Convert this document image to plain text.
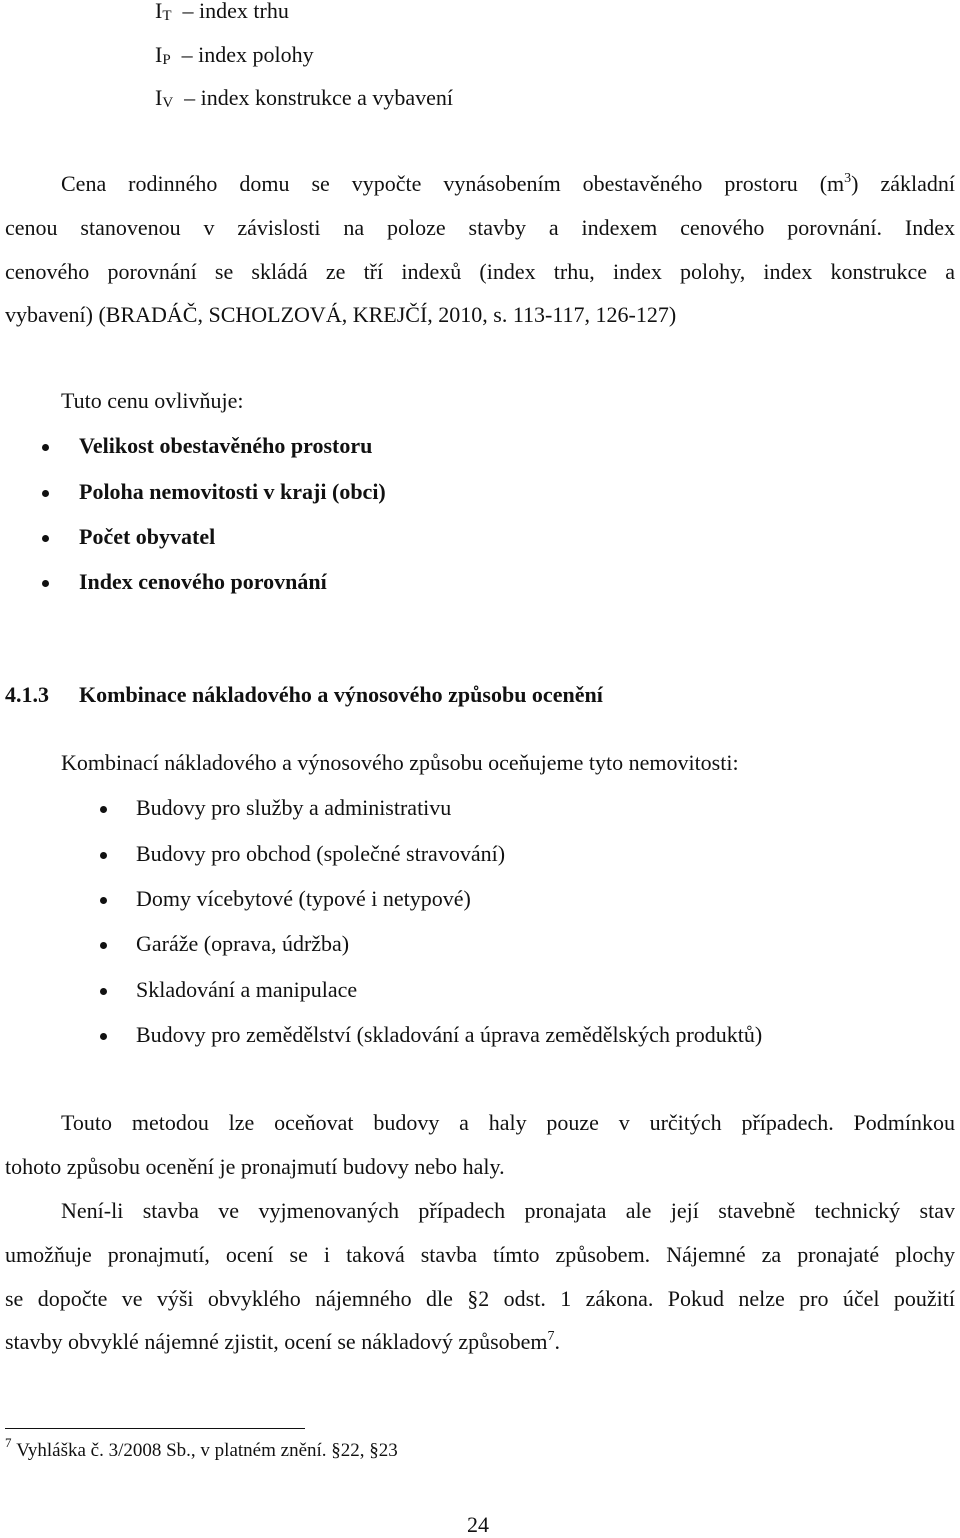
$I_T$ – index trhu
$I_P$ – index polohy
$I_V$ – index konstrukce a vybavení
Cena rodinného domu se vypočte vynásobením obestavěného prostoru $(m^3)$ základní
cenou stanovenou v závislosti na poloze stavby a indexem cenového porovnání. Index
cenového porovnání se skládá ze tří indexů (index trhu, index polohy, index konstrukce a
vybavení) (BRADÁČ, SCHOLZOVÁ, KREJČÍ, 2010, s. 113-117, 126-127)
Tuto cenu ovlivňuje:
Velikost obestavěného prostoru
Poloha nemovitosti v kraji (obci)
Počet obyvatel
Index cenového porovnání
4.1.3 Kombinace nákladového a výnosového způsobu ocenění
Kombinací nákladového a výnosového způsobu oceňujeme tyto nemovitosti:
Budovy pro služby a administrativu
Budovy pro obchod (společné stravování)
Domy vícebytové (typové i netypové)
Garáže (oprava, údržba)
Skladování a manipulace
Budovy pro zemědělství (skladování a úprava zemědělských produktů)
Touto metodou lze oceňovat budovy a haly pouze v určitých případech. Podmínkou
tohoto způsobu ocenění je pronajmutí budovy nebo haly.
Není-li stavba ve vyjmenovaných případech pronajata ale její stavebně technický stav
umožňuje pronajmutí, ocení se i taková stavba tímto způsobem. Nájemné za pronajaté plochy
se dopočte ve výši obvyklého nájemného dle §2 odst. 1 zákona. Pokud nelze pro účel použití
stavby obvyklé nájemné zjistit, ocení se nákladový způsobem$^7$.
$^7$ Vyhláška č. 3/2008 Sb., v platném znění. §22, §23
24
